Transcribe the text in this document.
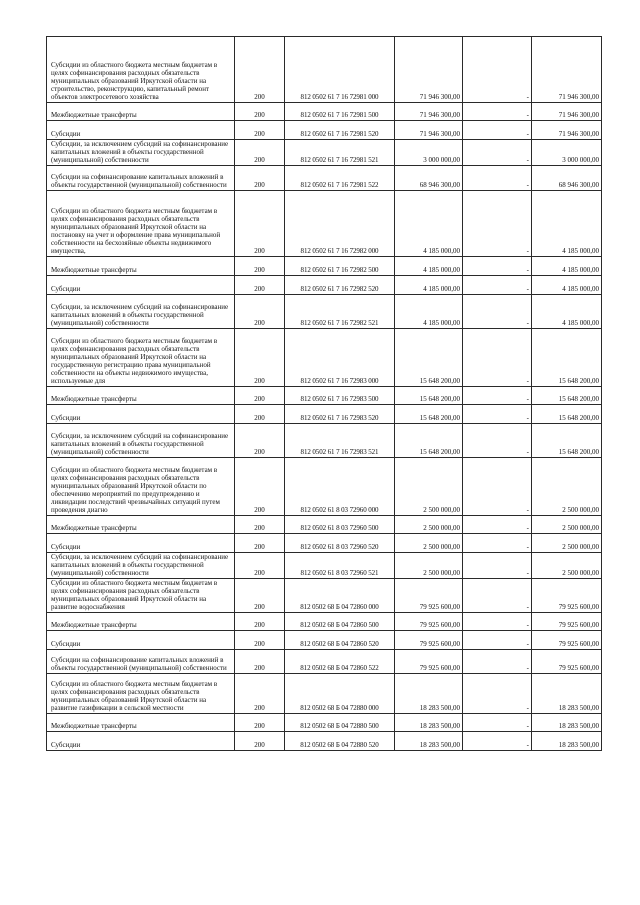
Субсидии из областного бюджета местным бюджетам в целях софинансирования расходных обязательств муниципальных образований Иркутской области на строительство, реконструкцию, капитальный ремонт объектов электросетевого хозяйства	200	812 0502 61 7 16 72981 000	71 946 300,00	-	71 946 300,00
Межбюджетные трансферты	200	812 0502 61 7 16 72981 500	71 946 300,00	-	71 946 300,00
Субсидии	200	812 0502 61 7 16 72981 520	71 946 300,00	-	71 946 300,00
Субсидии, за исключением субсидий на софинансирование капитальных вложений в объекты государственной (муниципальной) собственности	200	812 0502 61 7 16 72981 521	3 000 000,00	-	3 000 000,00
Субсидии на софинансирование капитальных вложений в объекты государственной (муниципальной) собственности	200	812 0502 61 7 16 72981 522	68 946 300,00	-	68 946 300,00
Субсидии из областного бюджета местным бюджетам в целях софинансирования расходных обязательств муниципальных образований Иркутской области на постановку на учет и оформление права муниципальной собственности на бесхозяйные объекты недвижимого имущества,	200	812 0502 61 7 16 72982 000	4 185 000,00	-	4 185 000,00
Межбюджетные трансферты	200	812 0502 61 7 16 72982 500	4 185 000,00	-	4 185 000,00
Субсидии	200	812 0502 61 7 16 72982 520	4 185 000,00	-	4 185 000,00
Субсидии, за исключением субсидий на софинансирование капитальных вложений в объекты государственной (муниципальной) собственности	200	812 0502 61 7 16 72982 521	4 185 000,00	-	4 185 000,00
Субсидии из областного бюджета местным бюджетам в целях софинансирования расходных обязательств муниципальных образований Иркутской области на государственную регистрацию права муниципальной собственности на объекты недвижимого имущества, используемые для	200	812 0502 61 7 16 72983 000	15 648 200,00	-	15 648 200,00
Межбюджетные трансферты	200	812 0502 61 7 16 72983 500	15 648 200,00	-	15 648 200,00
Субсидии	200	812 0502 61 7 16 72983 520	15 648 200,00	-	15 648 200,00
Субсидии, за исключением субсидий на софинансирование капитальных вложений в объекты государственной (муниципальной) собственности	200	812 0502 61 7 16 72983 521	15 648 200,00	-	15 648 200,00
Субсидии из областного бюджета местным бюджетам в целях софинансирования расходных обязательств муниципальных образований Иркутской области по обеспечению мероприятий по предупреждению и ликвидации последствий чрезвычайных ситуаций путем проведения диагно	200	812 0502 61 8 03 72960 000	2 500 000,00	-	2 500 000,00
Межбюджетные трансферты	200	812 0502 61 8 03 72960 500	2 500 000,00	-	2 500 000,00
Субсидии	200	812 0502 61 8 03 72960 520	2 500 000,00	-	2 500 000,00
Субсидии, за исключением субсидий на софинансирование капитальных вложений в объекты государственной (муниципальной) собственности	200	812 0502 61 8 03 72960 521	2 500 000,00	-	2 500 000,00
Субсидии из областного бюджета местным бюджетам в целях софинансирования расходных обязательств муниципальных образований Иркутской области на развитие водоснабжения	200	812 0502 68 Б 04 72860 000	79 925 600,00	-	79 925 600,00
Межбюджетные трансферты	200	812 0502 68 Б 04 72860 500	79 925 600,00	-	79 925 600,00
Субсидии	200	812 0502 68 Б 04 72860 520	79 925 600,00	-	79 925 600,00
Субсидии на софинансирование капитальных вложений в объекты государственной (муниципальной) собственности	200	812 0502 68 Б 04 72860 522	79 925 600,00	-	79 925 600,00
Субсидии из областного бюджета местным бюджетам в целях софинансирования расходных обязательств муниципальных образований Иркутской области на развитие газификации в сельской местности	200	812 0502 68 Б 04 72880 000	18 283 500,00	-	18 283 500,00
Межбюджетные трансферты	200	812 0502 68 Б 04 72880 500	18 283 500,00	-	18 283 500,00
Субсидии	200	812 0502 68 Б 04 72880 520	18 283 500,00	-	18 283 500,00
